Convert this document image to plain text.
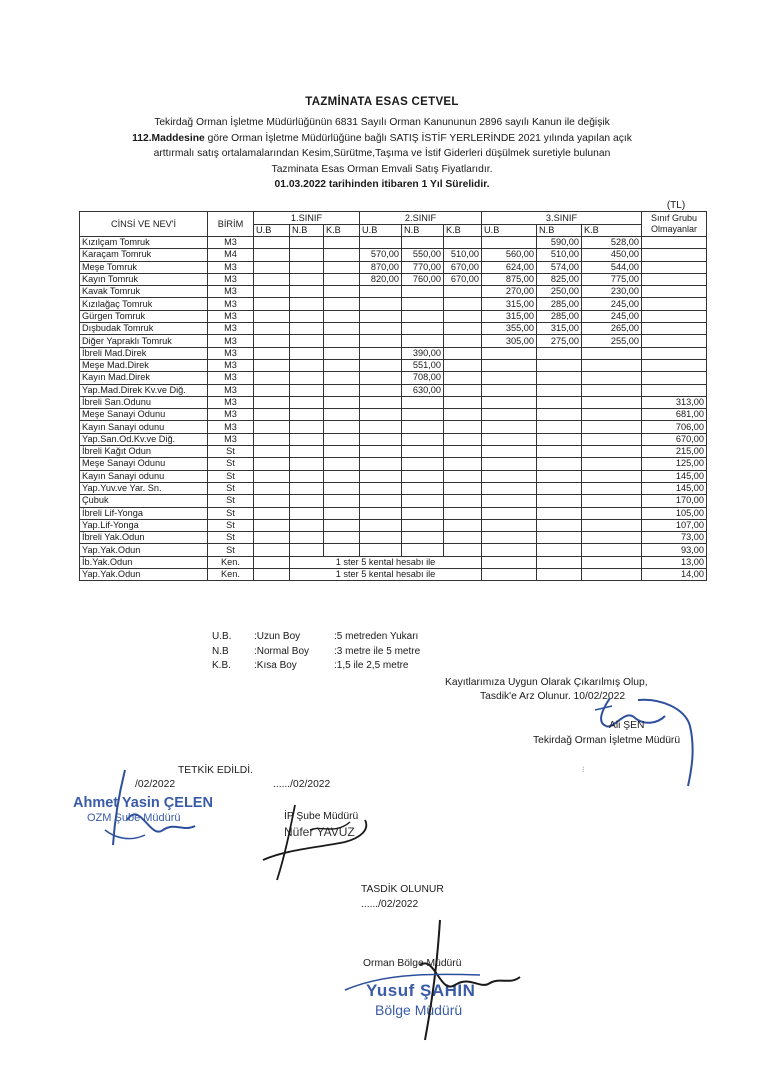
TAZMİNATA ESAS CETVEL
Tekirdağ Orman İşletme Müdürlüğünün 6831 Sayılı Orman Kanununun 2896 sayılı Kanun ile değişik
112.Maddesine göre Orman İşletme Müdürlüğüne bağlı SATIŞ İSTİF YERLERİNDE 2021 yılında yapılan açık
arttırmalı satış ortalamalarından Kesim,Sürütme,Taşıma ve İstif Giderleri düşülmek suretiyle bulunan
Tazminata Esas Orman Emvali Satış Fiyatlarıdır.
01.03.2022 tarihinden itibaren 1 Yıl Sürelidir.
(TL)
CİNSİ VE NEV'İ	BİRİM	1.SINIF			2.SINIF			3.SINIF			Sınıf Grubu Olmayanlar
		U.B	N.B	K.B	U.B	N.B	K.B	U.B	N.B	K.B	
Kızılçam Tomruk	M3								590,00	528,00	
Karaçam Tomruk	M4				570,00	550,00	510,00	560,00	510,00	450,00	
Meşe Tomruk	M3				870,00	770,00	670,00	624,00	574,00	544,00	
Kayın Tomruk	M3				820,00	760,00	670,00	875,00	825,00	775,00	
Kavak Tomruk	M3							270,00	250,00	230,00	
Kızılağaç Tomruk	M3							315,00	285,00	245,00	
Gürgen Tomruk	M3							315,00	285,00	245,00	
Dışbudak Tomruk	M3							355,00	315,00	265,00	
Diğer Yapraklı Tomruk	M3							305,00	275,00	255,00	
İbreli Mad.Direk	M3					390,00					
Meşe Mad.Direk	M3					551,00					
Kayın Mad.Direk	M3					708,00					
Yap.Mad.Direk Kv.ve Diğ.	M3					630,00					
İbreli San.Odunu	M3										313,00
Meşe Sanayi Odunu	M3										681,00
Kayın Sanayi odunu	M3										706,00
Yap.San.Od.Kv.ve Diğ.	M3										670,00
İbreli Kağıt Odun	St										215,00
Meşe Sanayi Odunu	St										125,00
Kayın Sanayi odunu	St										145,00
Yap.Yuv.ve Yar. Sn.	St										145,00
Çubuk	St										170,00
İbreli Lif-Yonga	St										105,00
Yap.Lif-Yonga	St										107,00
İbreli Yak.Odun	St										73,00
Yap.Yak.Odun	St										93,00
İb.Yak.Odun	Ken.		1 ster 5 kental hesabı ile								13,00
Yap.Yak.Odun	Ken.		1 ster 5 kental hesabı ile								14,00
U.B. :Uzun Boy	:5 metreden Yukarı
N.B	:Normal Boy :3 metre ile 5 metre
K.B. :Kısa Boy	:1,5 ile 2,5 metre
Kayıtlarımıza Uygun Olarak Çıkarılmış Olup,
Tasdik'e Arz Olunur. 10/02/2022
Ali ŞEN
Tekirdağ Orman İşletme Müdürü
⁝
TETKİK EDİLDİ.
/02/2022	....../02/2022
Ahmet Yasin ÇELEN
OZM Şube Müdürü	İP Şube Müdürü
Nüfer YAVUZ
TASDİK OLUNUR
....../02/2022
Orman Bölge Müdürü
Yusuf ŞAHİN
Bölge Müdürü
